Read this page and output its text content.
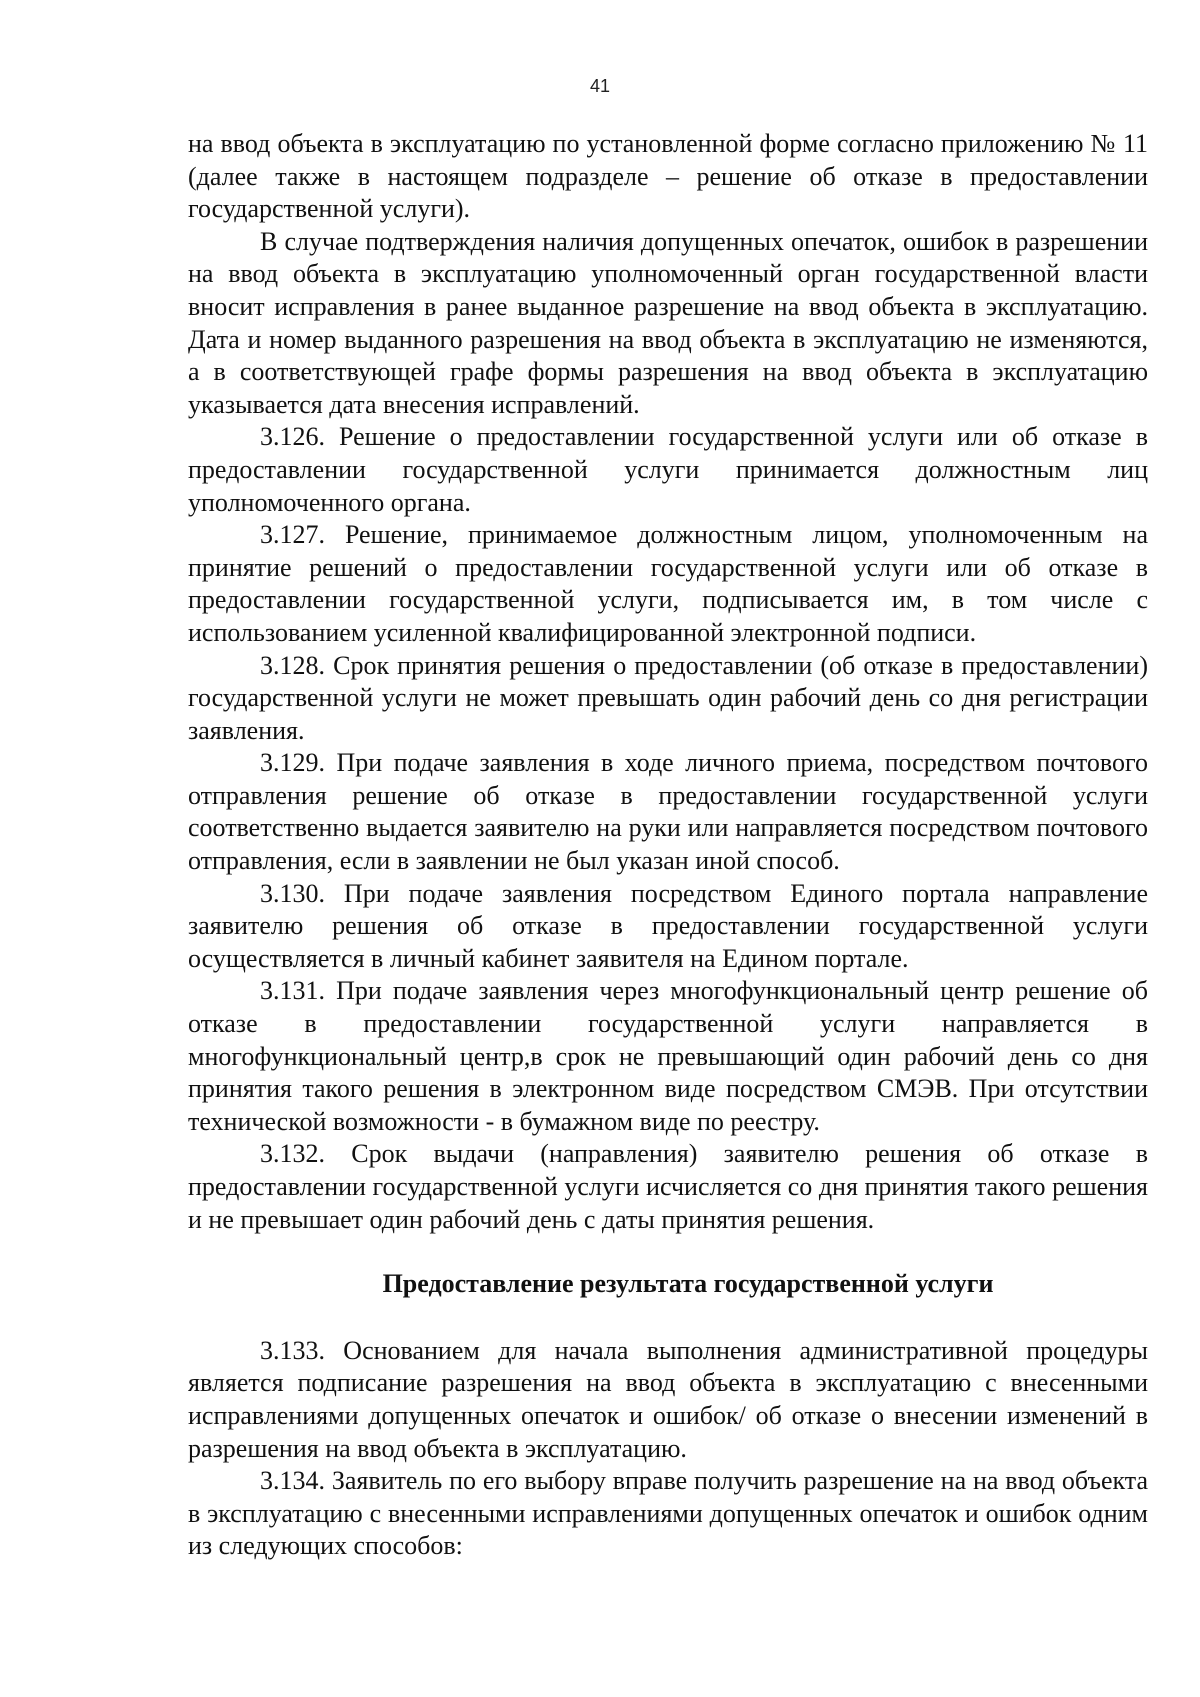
41

на ввод объекта в эксплуатацию по установленной форме согласно приложению № 11 (далее также в настоящем подразделе – решение об отказе в предоставлении государственной услуги).

В случае подтверждения наличия допущенных опечаток, ошибок в разрешении на ввод объекта в эксплуатацию уполномоченный орган государственной власти вносит исправления в ранее выданное разрешение на ввод объекта в эксплуатацию. Дата и номер выданного разрешения на ввод объекта в эксплуатацию не изменяются, а в соответствующей графе формы разрешения на ввод объекта в эксплуатацию указывается дата внесения исправлений.

3.126. Решение о предоставлении государственной услуги или об отказе в предоставлении государственной услуги принимается должностным лиц уполномоченного органа.

3.127. Решение, принимаемое должностным лицом, уполномоченным на принятие решений о предоставлении государственной услуги или об отказе в предоставлении государственной услуги, подписывается им, в том числе с использованием усиленной квалифицированной электронной подписи.

3.128. Срок принятия решения о предоставлении (об отказе в предоставлении) государственной услуги не может превышать один рабочий день со дня регистрации заявления.

3.129. При подаче заявления в ходе личного приема, посредством почтового отправления решение об отказе в предоставлении государственной услуги соответственно выдается заявителю на руки или направляется посредством почтового отправления, если в заявлении не был указан иной способ.

3.130. При подаче заявления посредством Единого портала направление заявителю решения об отказе в предоставлении государственной услуги осуществляется в личный кабинет заявителя на Едином портале.

3.131. При подаче заявления через многофункциональный центр решение об отказе в предоставлении государственной услуги направляется в многофункциональный центр,в срок не превышающий один рабочий день со дня принятия такого решения в электронном виде посредством СМЭВ. При отсутствии технической возможности - в бумажном виде по реестру.

3.132. Срок выдачи (направления) заявителю решения об отказе в предоставлении государственной услуги исчисляется со дня принятия такого решения и не превышает один рабочий день с даты принятия решения.

Предоставление результата государственной услуги

3.133. Основанием для начала выполнения административной процедуры является подписание разрешения на ввод объекта в эксплуатацию с внесенными исправлениями допущенных опечаток и ошибок/ об отказе о внесении изменений в разрешения на ввод объекта в эксплуатацию.

3.134. Заявитель по его выбору вправе получить разрешение на на ввод объекта в эксплуатацию с внесенными исправлениями допущенных опечаток и ошибок одним из следующих способов:
